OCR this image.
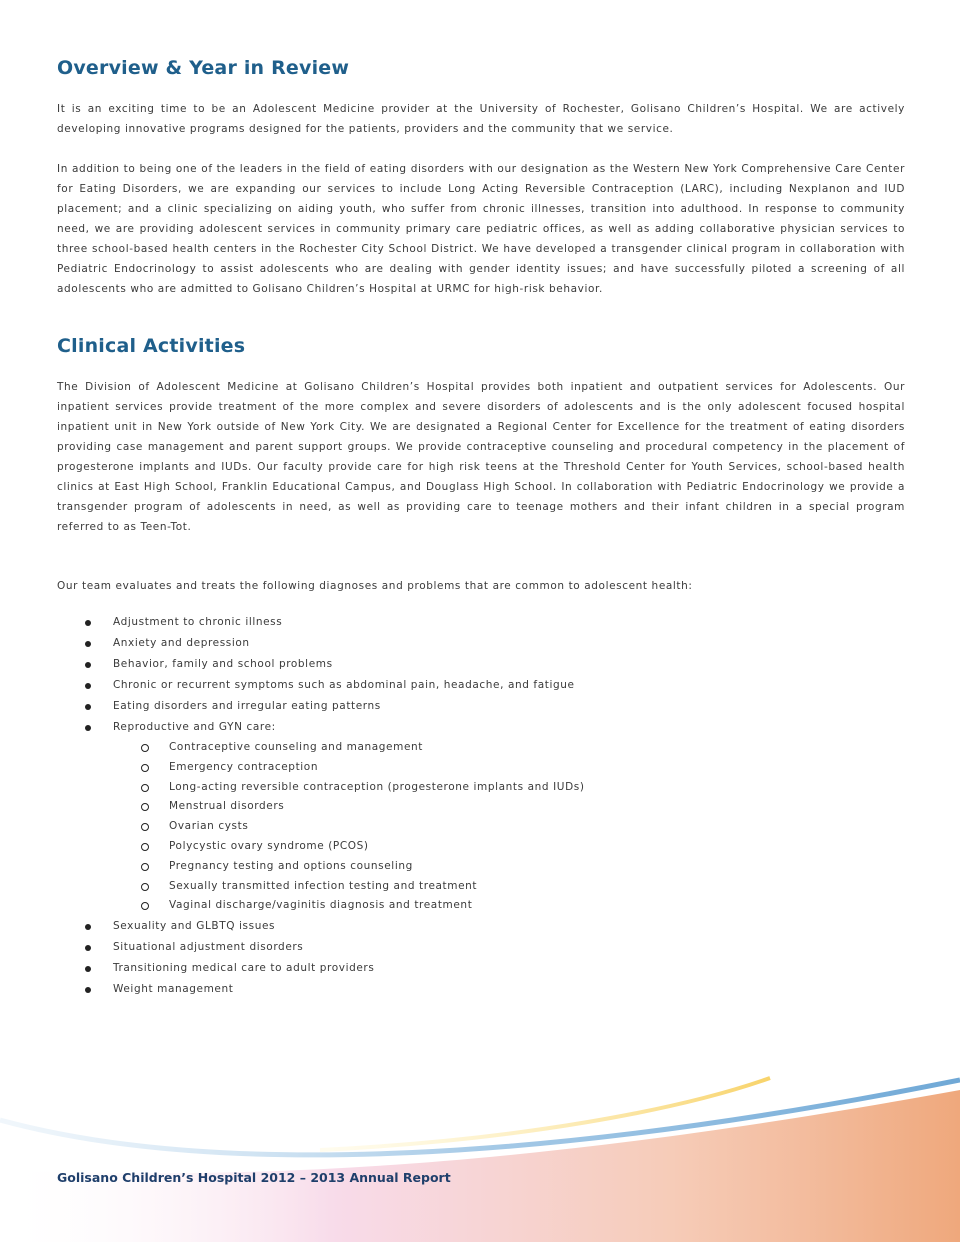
Overview & Year in Review

It is an exciting time to be an Adolescent Medicine provider at the University of Rochester, Golisano Children’s Hospital. We are actively developing innovative programs designed for the patients, providers and the community that we service.

In addition to being one of the leaders in the field of eating disorders with our designation as the Western New York Comprehensive Care Center for Eating Disorders, we are expanding our services to include Long Acting Reversible Contraception (LARC), including Nexplanon and IUD placement; and a clinic specializing on aiding youth, who suffer from chronic illnesses, transition into adulthood. In response to community need, we are providing adolescent services in community primary care pediatric offices, as well as adding collaborative physician services to three school-based health centers in the Rochester City School District. We have developed a transgender clinical program in collaboration with Pediatric Endocrinology to assist adolescents who are dealing with gender identity issues; and have successfully piloted a screening of all adolescents who are admitted to Golisano Children’s Hospital at URMC for high-risk behavior.

Clinical Activities

The Division of Adolescent Medicine at Golisano Children’s Hospital provides both inpatient and outpatient services for Adolescents. Our inpatient services provide treatment of the more complex and severe disorders of adolescents and is the only adolescent focused hospital inpatient unit in New York outside of New York City. We are designated a Regional Center for Excellence for the treatment of eating disorders providing case management and parent support groups. We provide contraceptive counseling and procedural competency in the placement of progesterone implants and IUDs. Our faculty provide care for high risk teens at the Threshold Center for Youth Services, school-based health clinics at East High School, Franklin Educational Campus, and Douglass High School. In collaboration with Pediatric Endocrinology we provide a transgender program of adolescents in need, as well as providing care to teenage mothers and their infant children in a special program referred to as Teen-Tot.

Our team evaluates and treats the following diagnoses and problems that are common to adolescent health:

Adjustment to chronic illness
Anxiety and depression
Behavior, family and school problems
Chronic or recurrent symptoms such as abdominal pain, headache, and fatigue
Eating disorders and irregular eating patterns
Reproductive and GYN care:
Contraceptive counseling and management
Emergency contraception
Long-acting reversible contraception (progesterone implants and IUDs)
Menstrual disorders
Ovarian cysts
Polycystic ovary syndrome (PCOS)
Pregnancy testing and options counseling
Sexually transmitted infection testing and treatment
Vaginal discharge/vaginitis diagnosis and treatment
Sexuality and GLBTQ issues
Situational adjustment disorders
Transitioning medical care to adult providers
Weight management
Golisano Children’s Hospital 2012 – 2013 Annual Report
